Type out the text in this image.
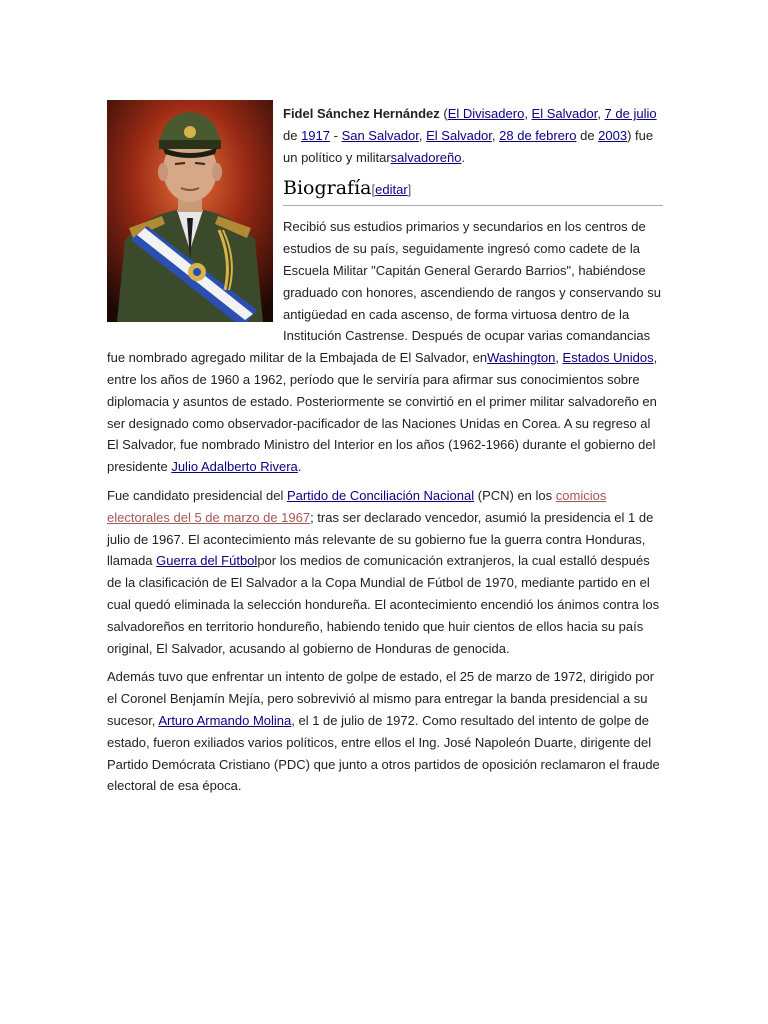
Fidel Sánchez Hernández (El Divisadero, El Salvador, 7 de julio de 1917 - San Salvador, El Salvador, 28 de febrero de 2003) fue un político y militarsalvadoreño.

Biografía[editar]

Recibió sus estudios primarios y secundarios en los centros de estudios de su país, seguidamente ingresó como cadete de la Escuela Militar "Capitán General Gerardo Barrios", habiéndose graduado con honores, ascendiendo de rangos y conservando su antigüedad en cada ascenso, de forma virtuosa dentro de la Institución Castrense. Después de ocupar varias comandancias fue nombrado agregado militar de la Embajada de El Salvador, enWashington, Estados Unidos, entre los años de 1960 a 1962, período que le serviría para afirmar sus conocimientos sobre diplomacia y asuntos de estado. Posteriormente se convirtió en el primer militar salvadoreño en ser designado como observador-pacificador de las Naciones Unidas en Corea. A su regreso al El Salvador, fue nombrado Ministro del Interior en los años (1962-1966) durante el gobierno del presidente Julio Adalberto Rivera.

Fue candidato presidencial del Partido de Conciliación Nacional (PCN) en los comicios electorales del 5 de marzo de 1967; tras ser declarado vencedor, asumió la presidencia el 1 de julio de 1967. El acontecimiento más relevante de su gobierno fue la guerra contra Honduras, llamada Guerra del Fútbolpor los medios de comunicación extranjeros, la cual estalló después de la clasificación de El Salvador a la Copa Mundial de Fútbol de 1970, mediante partido en el cual quedó eliminada la selección hondureña. El acontecimiento encendió los ánimos contra los salvadoreños en territorio hondureño, habiendo tenido que huir cientos de ellos hacia su país original, El Salvador, acusando al gobierno de Honduras de genocida.

Además tuvo que enfrentar un intento de golpe de estado, el 25 de marzo de 1972, dirigido por el Coronel Benjamín Mejía, pero sobrevivió al mismo para entregar la banda presidencial a su sucesor, Arturo Armando Molina, el 1 de julio de 1972. Como resultado del intento de golpe de estado, fueron exiliados varios políticos, entre ellos el Ing. José Napoleón Duarte, dirigente del Partido Demócrata Cristiano (PDC) que junto a otros partidos de oposición reclamaron el fraude electoral de esa época.
